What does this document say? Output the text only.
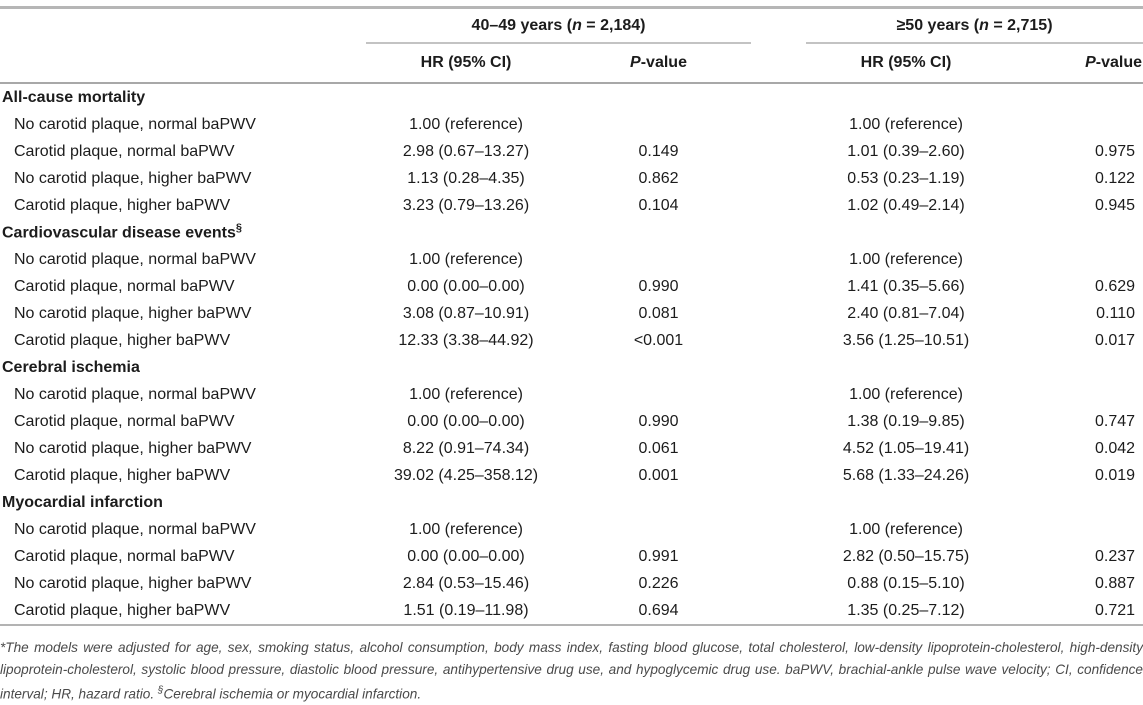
	40–49 years (n = 2,184)			≥50 years (n = 2,715)	
	HR (95% CI)	P-value		HR (95% CI)	P-value
All-cause mortality					
No carotid plaque, normal baPWV	1.00 (reference)			1.00 (reference)	
Carotid plaque, normal baPWV	2.98 (0.67–13.27)	0.149		1.01 (0.39–2.60)	0.975
No carotid plaque, higher baPWV	1.13 (0.28–4.35)	0.862		0.53 (0.23–1.19)	0.122
Carotid plaque, higher baPWV	3.23 (0.79–13.26)	0.104		1.02 (0.49–2.14)	0.945
Cardiovascular disease events§
No carotid plaque, normal baPWV	1.00 (reference)			1.00 (reference)	
Carotid plaque, normal baPWV	0.00 (0.00–0.00)	0.990		1.41 (0.35–5.66)	0.629
No carotid plaque, higher baPWV	3.08 (0.87–10.91)	0.081		2.40 (0.81–7.04)	0.110
Carotid plaque, higher baPWV	12.33 (3.38–44.92)	<0.001		3.56 (1.25–10.51)	0.017
Cerebral ischemia					
No carotid plaque, normal baPWV	1.00 (reference)			1.00 (reference)	
Carotid plaque, normal baPWV	0.00 (0.00–0.00)	0.990		1.38 (0.19–9.85)	0.747
No carotid plaque, higher baPWV	8.22 (0.91–74.34)	0.061		4.52 (1.05–19.41)	0.042
Carotid plaque, higher baPWV	39.02 (4.25–358.12)	0.001		5.68 (1.33–24.26)	0.019
Myocardial infarction					
No carotid plaque, normal baPWV	1.00 (reference)			1.00 (reference)	
Carotid plaque, normal baPWV	0.00 (0.00–0.00)	0.991		2.82 (0.50–15.75)	0.237
No carotid plaque, higher baPWV	2.84 (0.53–15.46)	0.226		0.88 (0.15–5.10)	0.887
Carotid plaque, higher baPWV	1.51 (0.19–11.98)	0.694		1.35 (0.25–7.12)	0.721
*The models were adjusted for age, sex, smoking status, alcohol consumption, body mass index, fasting blood glucose, total cholesterol, low-density lipoprotein-cholesterol, high-density lipoprotein-cholesterol, systolic blood pressure, diastolic blood pressure, antihypertensive drug use, and hypoglycemic drug use. baPWV, brachial-ankle pulse wave velocity; CI, confidence interval; HR, hazard ratio. §Cerebral ischemia or myocardial infarction.
